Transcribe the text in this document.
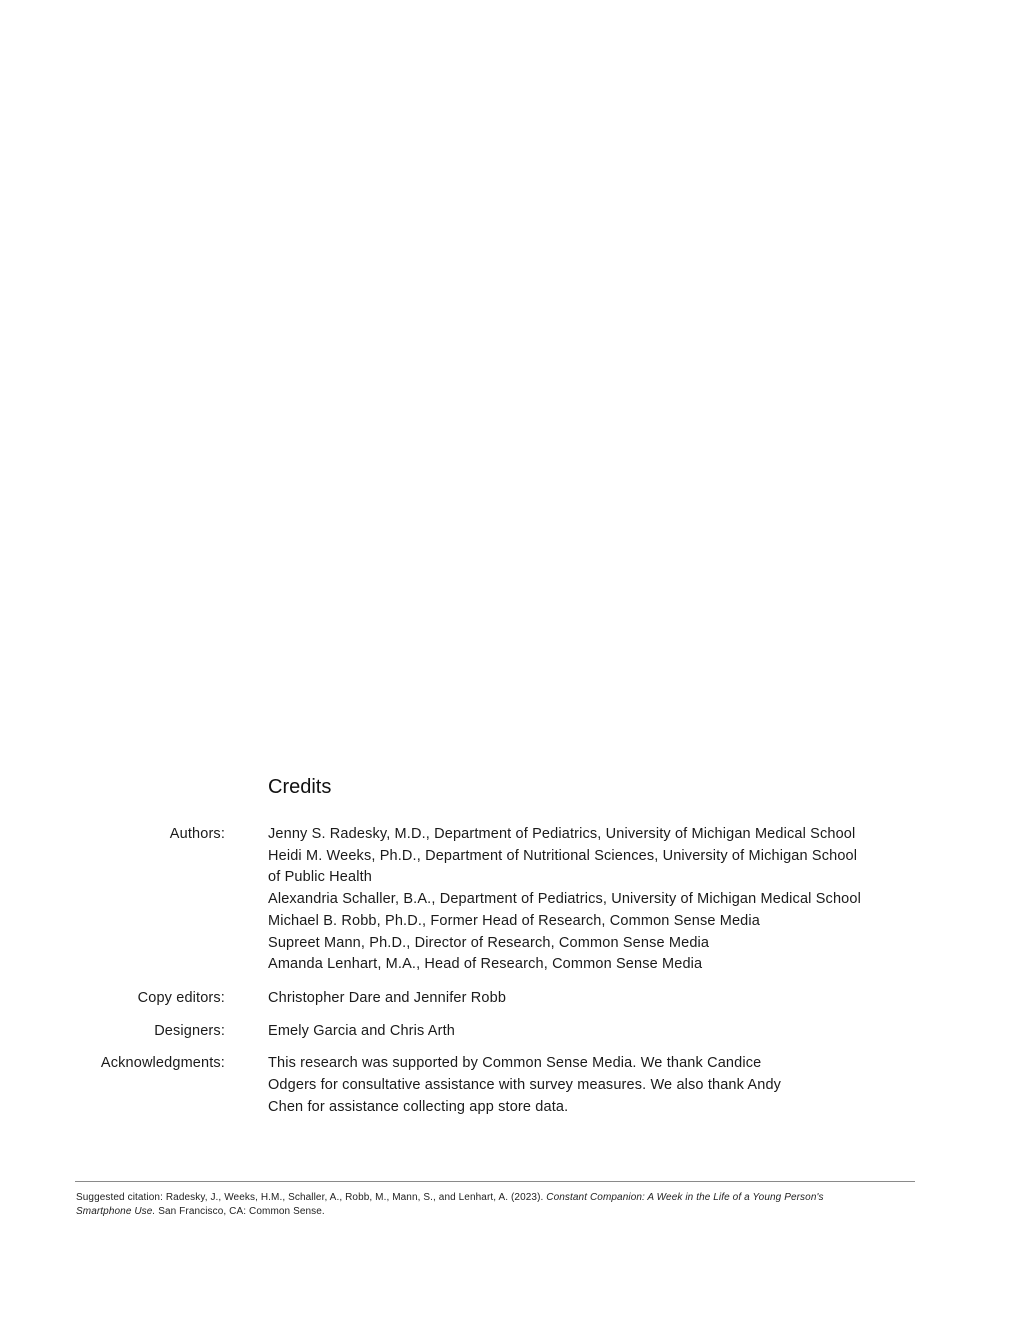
Credits
Authors:	Jenny S. Radesky, M.D., Department of Pediatrics, University of Michigan Medical School
Heidi M. Weeks, Ph.D., Department of Nutritional Sciences, University of Michigan School of Public Health
Alexandria Schaller, B.A., Department of Pediatrics, University of Michigan Medical School
Michael B. Robb, Ph.D., Former Head of Research, Common Sense Media
Supreet Mann, Ph.D., Director of Research, Common Sense Media
Amanda Lenhart, M.A., Head of Research, Common Sense Media
Copy editors:	Christopher Dare and Jennifer Robb
Designers:	Emely Garcia and Chris Arth
Acknowledgments:	This research was supported by Common Sense Media. We thank Candice Odgers for consultative assistance with survey measures. We also thank Andy Chen for assistance collecting app store data.
Suggested citation: Radesky, J., Weeks, H.M., Schaller, A., Robb, M., Mann, S., and Lenhart, A. (2023). Constant Companion: A Week in the Life of a Young Person's Smartphone Use. San Francisco, CA: Common Sense.
